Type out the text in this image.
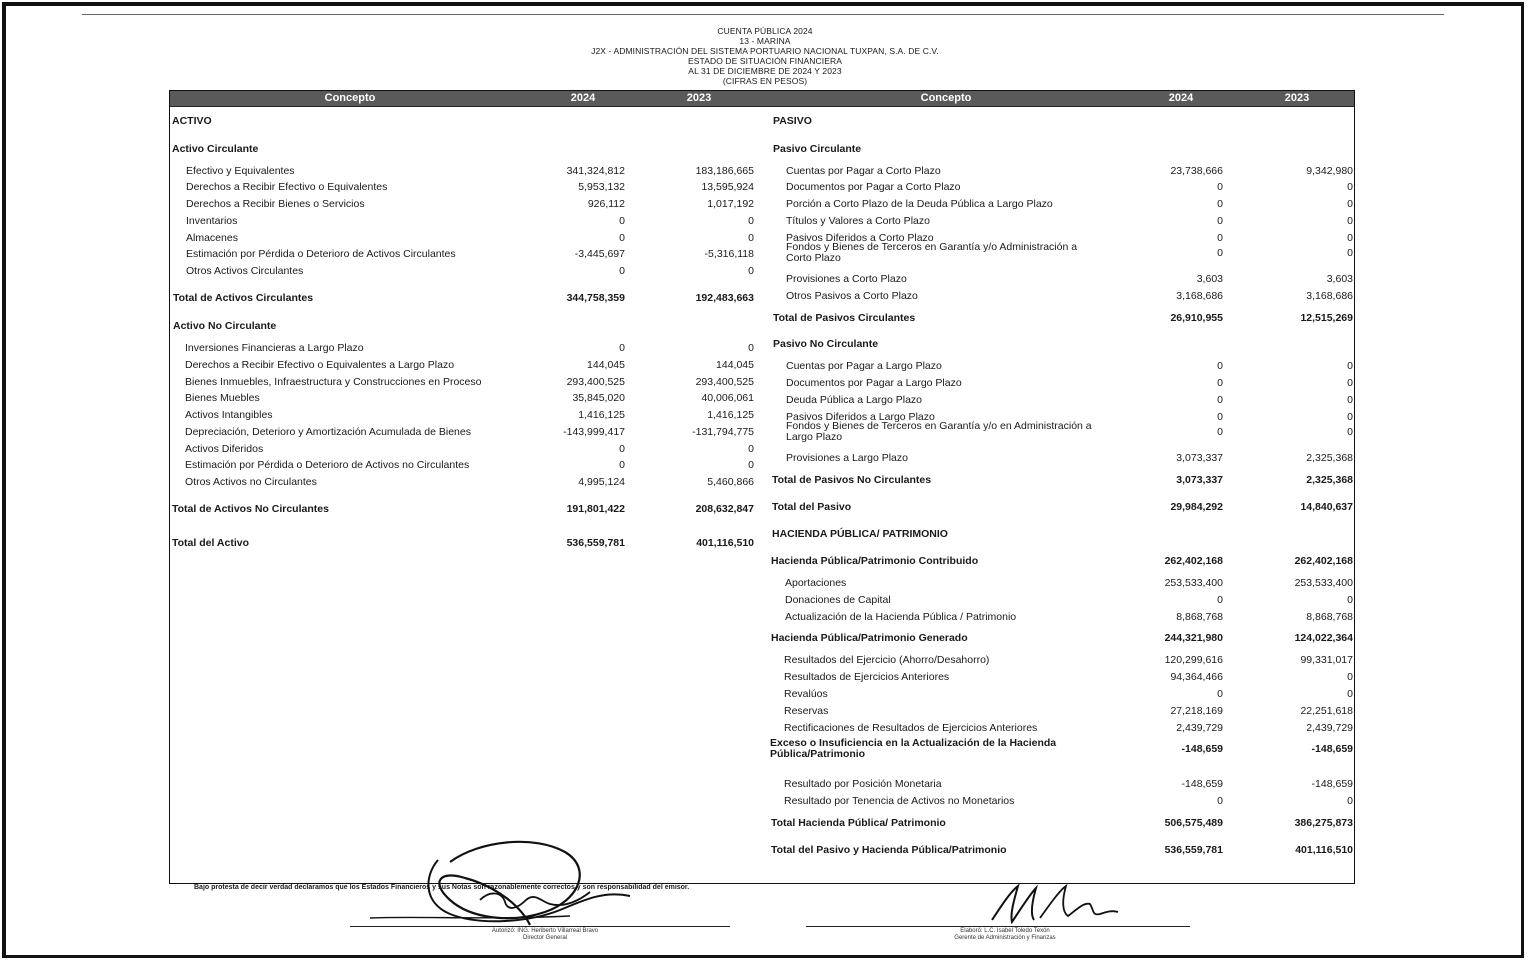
CUENTA PÚBLICA 2024
13 - MARINA
J2X - ADMINISTRACIÓN DEL SISTEMA PORTUARIO NACIONAL TUXPAN, S.A. DE C.V.
ESTADO DE SITUACIÓN FINANCIERA
AL 31 DE DICIEMBRE DE 2024 Y 2023
(CIFRAS EN PESOS)
Concepto	2024	2023	Concepto	2024	2023
ACTIVO
Activo Circulante
Efectivo y Equivalentes	341,324,812	183,186,665
Derechos a Recibir Efectivo o Equivalentes	5,953,132	13,595,924
Derechos a Recibir Bienes o Servicios	926,112	1,017,192
Inventarios	0	0
Almacenes	0	0
Estimación por Pérdida o Deterioro de Activos Circulantes	-3,445,697	-5,316,118
Otros Activos Circulantes	0	0
Total de Activos Circulantes	344,758,359	192,483,663
Activo No Circulante
Inversiones Financieras a Largo Plazo	0	0
Derechos a Recibir Efectivo o Equivalentes a Largo Plazo	144,045	144,045
Bienes Inmuebles, Infraestructura y Construcciones en Proceso	293,400,525	293,400,525
Bienes Muebles	35,845,020	40,006,061
Activos Intangibles	1,416,125	1,416,125
Depreciación, Deterioro y Amortización Acumulada de Bienes	-143,999,417	-131,794,775
Activos Diferidos	0	0
Estimación por Pérdida o Deterioro de Activos no Circulantes	0	0
Otros Activos no Circulantes	4,995,124	5,460,866
Total de Activos No Circulantes	191,801,422	208,632,847
Total del Activo	536,559,781	401,116,510
PASIVO
Pasivo Circulante
Cuentas por Pagar a Corto Plazo	23,738,666	9,342,980
Documentos por Pagar a Corto Plazo	0	0
Porción a Corto Plazo de la Deuda Pública a Largo Plazo	0	0
Títulos y Valores a Corto Plazo	0	0
Pasivos Diferidos a Corto Plazo	0	0
Fondos y Bienes de Terceros en Garantía y/o Administración a Corto Plazo	0	0
Provisiones a Corto Plazo	3,603	3,603
Otros Pasivos a Corto Plazo	3,168,686	3,168,686
Total de Pasivos Circulantes	26,910,955	12,515,269
Pasivo No Circulante
Cuentas por Pagar a Largo Plazo	0	0
Documentos por Pagar a Largo Plazo	0	0
Deuda Pública a Largo Plazo	0	0
Pasivos Diferidos a Largo Plazo	0	0
Fondos y Bienes de Terceros en Garantía y/o en Administración a Largo Plazo	0	0
Provisiones a Largo Plazo	3,073,337	2,325,368
Total de Pasivos No Circulantes	3,073,337	2,325,368
Total del Pasivo	29,984,292	14,840,637
HACIENDA PÚBLICA/ PATRIMONIO
Hacienda Pública/Patrimonio Contribuido	262,402,168	262,402,168
Aportaciones	253,533,400	253,533,400
Donaciones de Capital	0	0
Actualización de la Hacienda Pública / Patrimonio	8,868,768	8,868,768
Hacienda Pública/Patrimonio Generado	244,321,980	124,022,364
Resultados del Ejercicio (Ahorro/Desahorro)	120,299,616	99,331,017
Resultados de Ejercicios Anteriores	94,364,466	0
Revalúos	0	0
Reservas	27,218,169	22,251,618
Rectificaciones de Resultados de Ejercicios Anteriores	2,439,729	2,439,729
Exceso o Insuficiencia en la Actualización de la Hacienda Pública/Patrimonio	-148,659	-148,659
Resultado por Posición Monetaria	-148,659	-148,659
Resultado por Tenencia de Activos no Monetarios	0	0
Total Hacienda Pública/ Patrimonio	506,575,489	386,275,873
Total del Pasivo y Hacienda Pública/Patrimonio	536,559,781	401,116,510
Bajo protesta de decir verdad declaramos que los Estados Financieros y sus Notas son razonablemente correctos y son responsabilidad del emisor.
Autorizó: ING. Heriberto Villarreal Bravo
Director General
Elaboró: L.C. Isabel Toledo Texón
Gerente de Administración y Finanzas
